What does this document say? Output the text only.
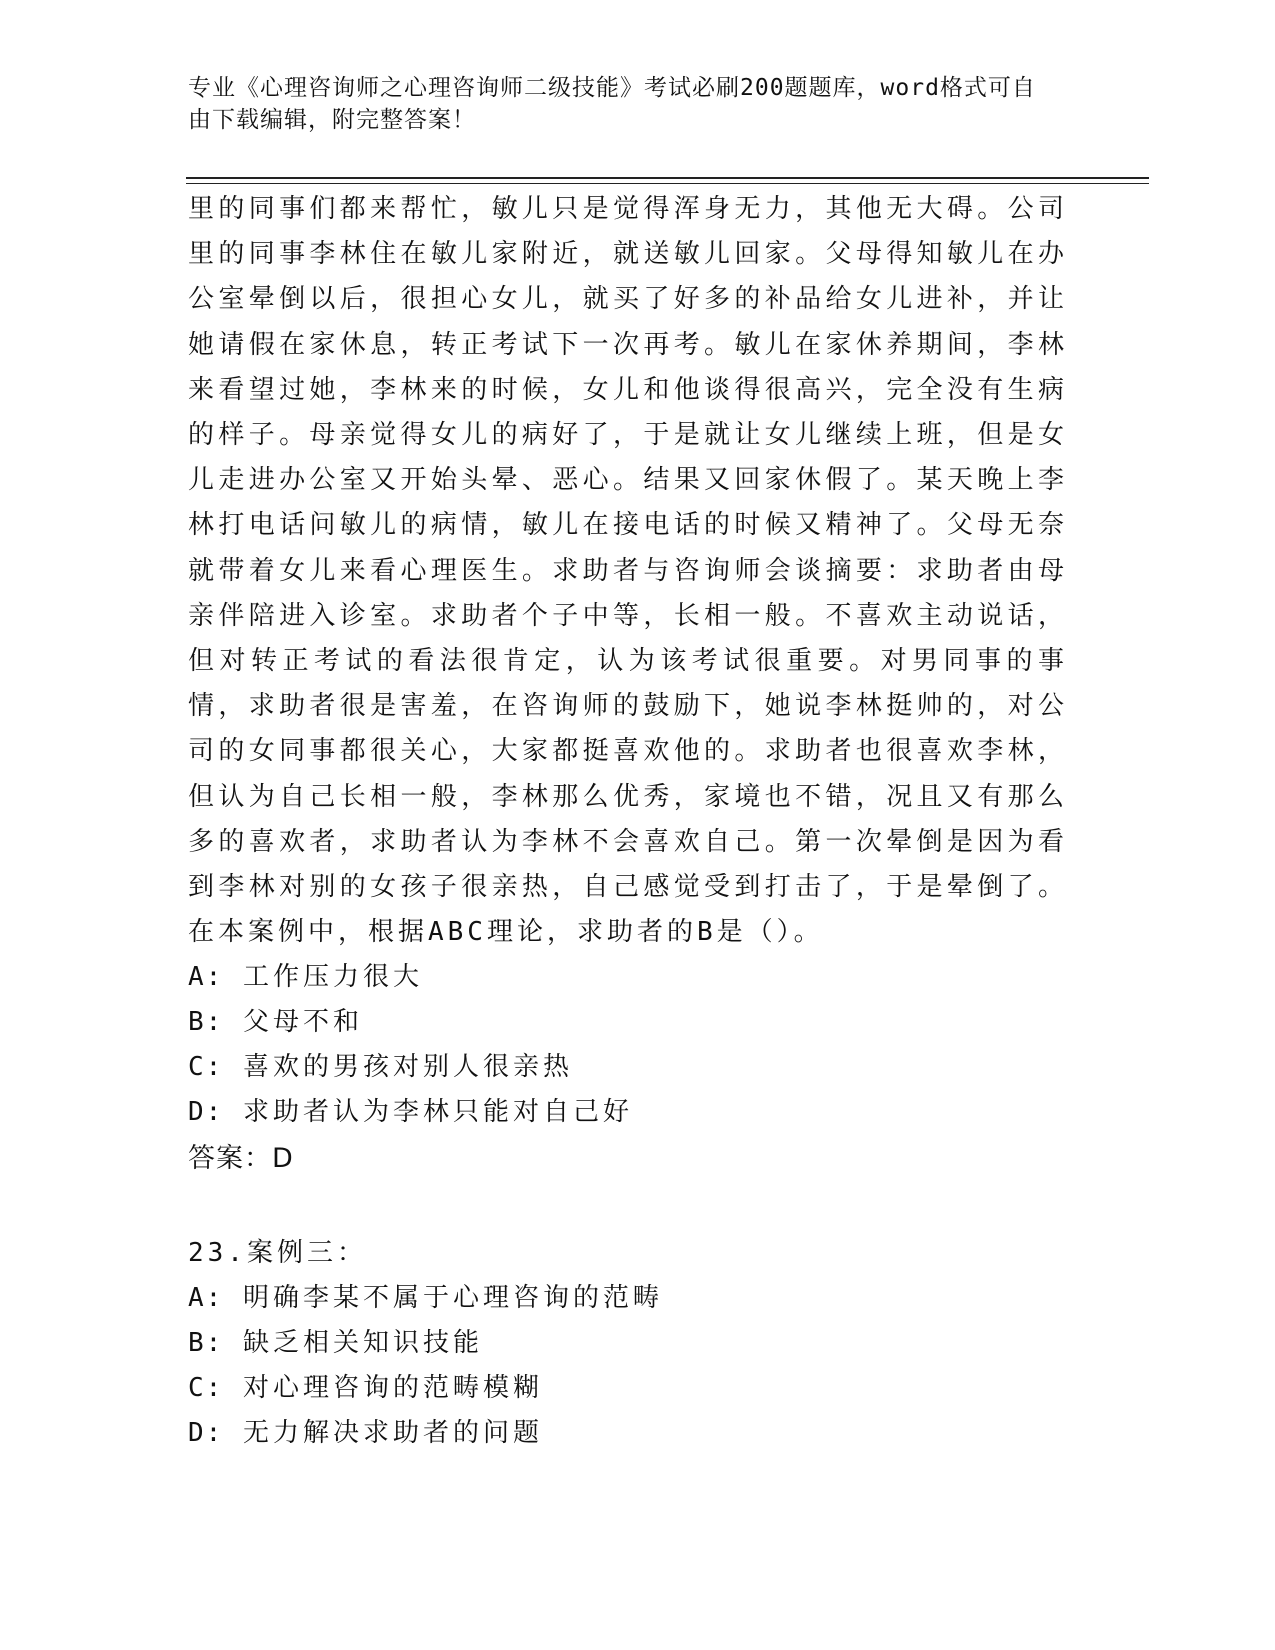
专业《心理咨询师之心理咨询师二级技能》考试必刷200题题库，word格式可自
由下载编辑，附完整答案！
里的同事们都来帮忙，敏儿只是觉得浑身无力，其他无大碍。公司里的同事李林住在敏儿家附近，就送敏儿回家。父母得知敏儿在办公室晕倒以后，很担心女儿，就买了好多的补品给女儿进补，并让她请假在家休息，转正考试下一次再考。敏儿在家休养期间，李林来看望过她，李林来的时候，女儿和他谈得很高兴，完全没有生病的样子。母亲觉得女儿的病好了，于是就让女儿继续上班，但是女儿走进办公室又开始头晕、恶心。结果又回家休假了。某天晚上李林打电话问敏儿的病情，敏儿在接电话的时候又精神了。父母无奈就带着女儿来看心理医生。求助者与咨询师会谈摘要：求助者由母亲伴陪进入诊室。求助者个子中等，长相一般。不喜欢主动说话，但对转正考试的看法很肯定，认为该考试很重要。对男同事的事情，求助者很是害羞，在咨询师的鼓励下，她说李林挺帅的，对公司的女同事都很关心，大家都挺喜欢他的。求助者也很喜欢李林，但认为自己长相一般，李林那么优秀，家境也不错，况且又有那么多的喜欢者，求助者认为李林不会喜欢自己。第一次晕倒是因为看到李林对别的女孩子很亲热，自己感觉受到打击了，于是晕倒了。在本案例中，根据ABC理论，求助者的B是（）。
A: 工作压力很大
B: 父母不和
C: 喜欢的男孩对别人很亲热
D: 求助者认为李林只能对自己好
答案：D
23.案例三：
A: 明确李某不属于心理咨询的范畴
B: 缺乏相关知识技能
C: 对心理咨询的范畴模糊
D: 无力解决求助者的问题
